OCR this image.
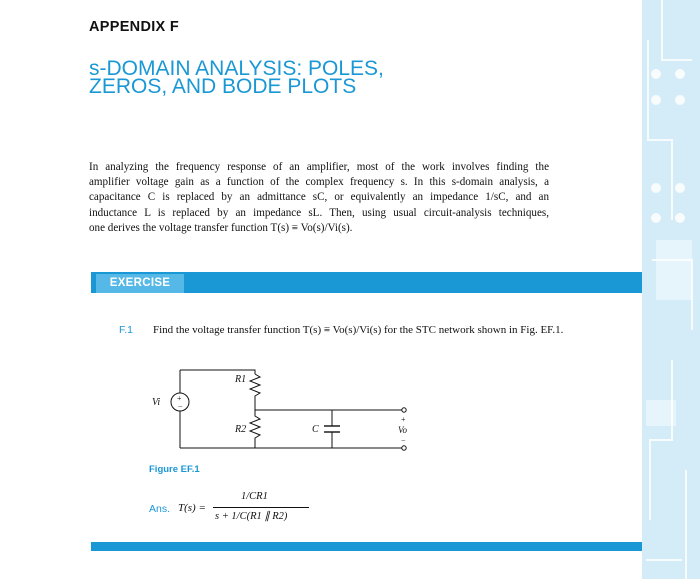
APPENDIX F
s-DOMAIN ANALYSIS: POLES,
ZEROS, AND BODE PLOTS
In analyzing the frequency response of an amplifier, most of the work involves finding the
amplifier voltage gain as a function of the complex frequency s. In this s-domain analysis, a
capacitance C is replaced by an admittance sC, or equivalently an impedance 1/sC, and an
inductance L is replaced by an impedance sL. Then, using usual circuit-analysis techniques,
one derives the voltage transfer function T(s) ≡ Vo(s)/Vi(s).
EXERCISE
F.1 Find the voltage transfer function T(s) ≡ Vo(s)/Vi(s) for the STC network shown in Fig. EF.1.
+
−
Vi
R1
R2	C
+
Vo
−
Figure EF.1
Ans. T(s) =
1/CR1
s + 1/C(R1 ∥ R2)
